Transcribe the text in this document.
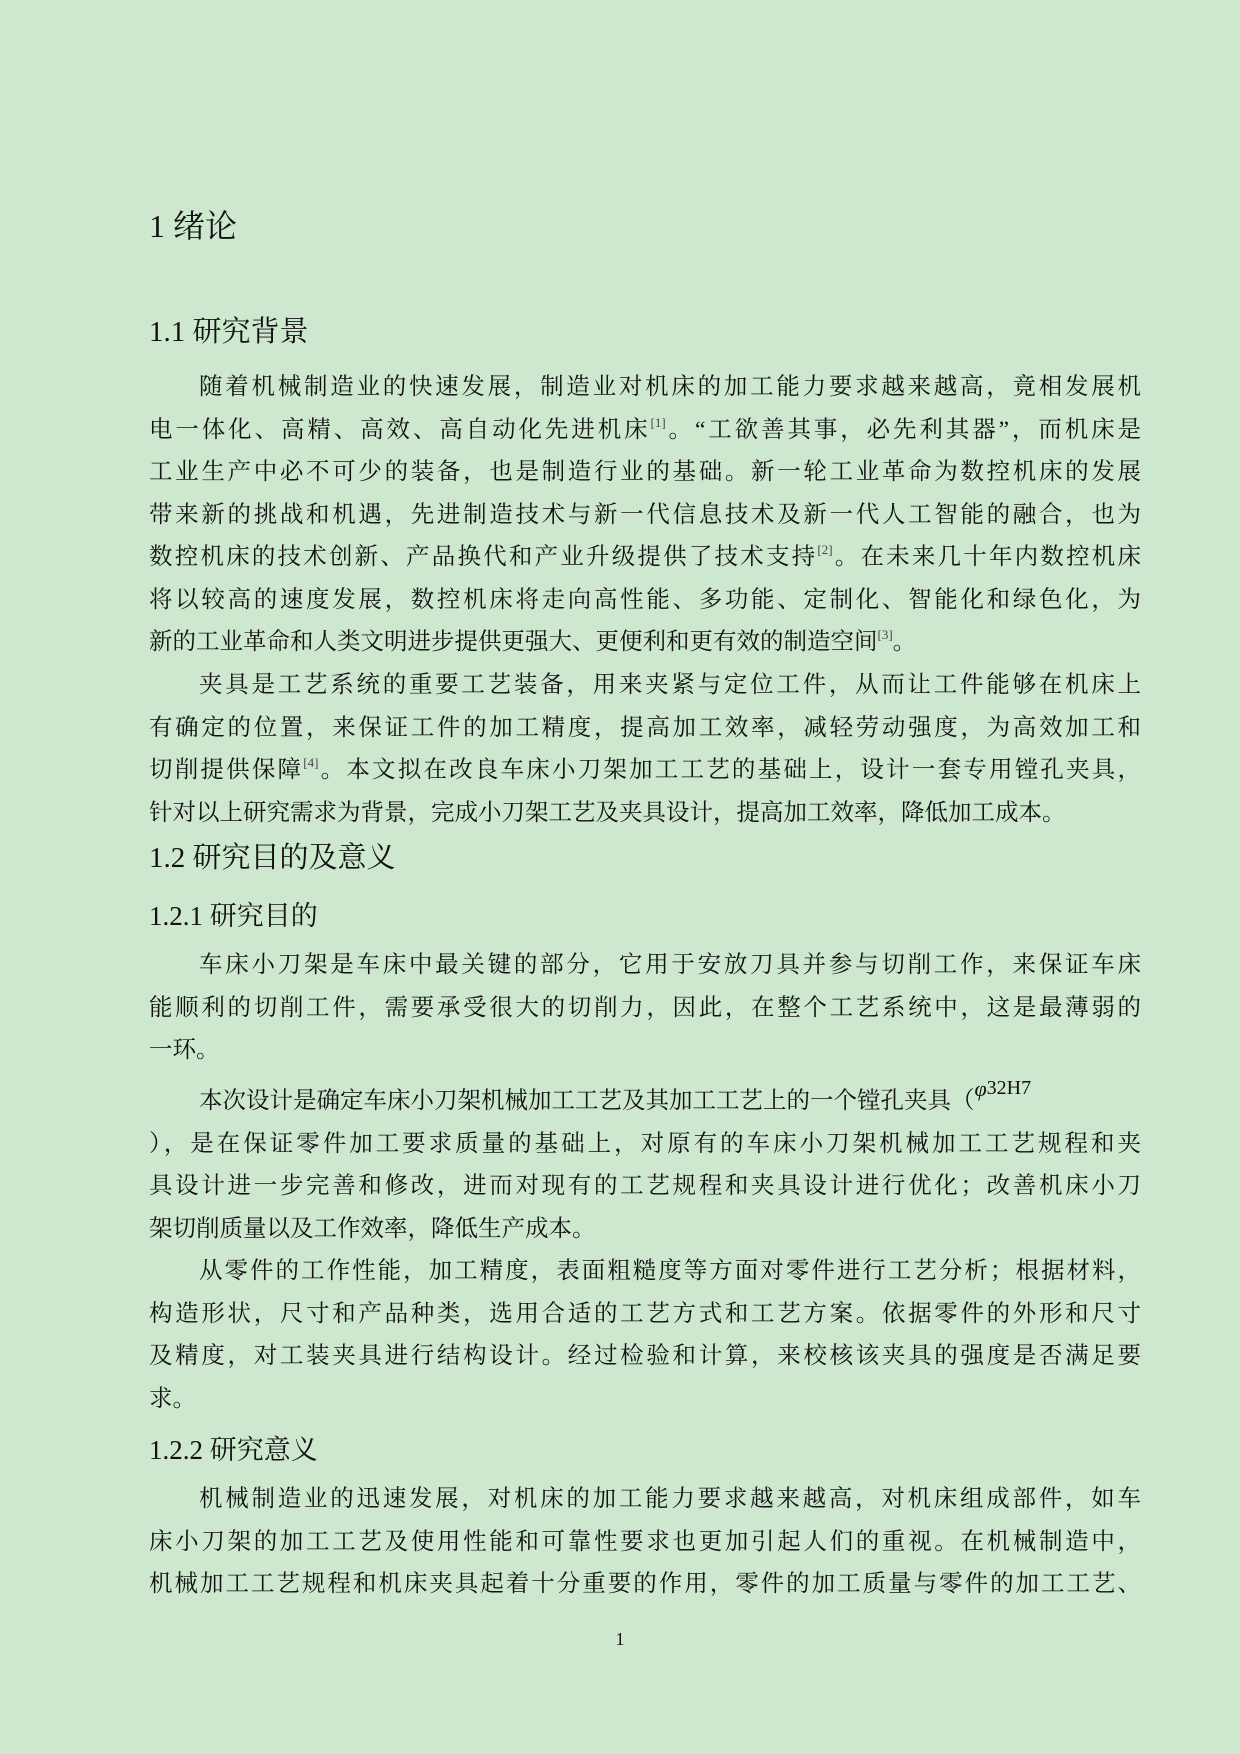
1 绪论
1.1 研究背景
随着机械制造业的快速发展，制造业对机床的加工能力要求越来越高，竟相发展机
电一体化、高精、高效、高自动化先进机床[1]。“工欲善其事，必先利其器”，而机床是
工业生产中必不可少的装备，也是制造行业的基础。新一轮工业革命为数控机床的发展
带来新的挑战和机遇，先进制造技术与新一代信息技术及新一代人工智能的融合，也为
数控机床的技术创新、产品换代和产业升级提供了技术支持[2]。在未来几十年内数控机床
将以较高的速度发展，数控机床将走向高性能、多功能、定制化、智能化和绿色化，为
新的工业革命和人类文明进步提供更强大、更便利和更有效的制造空间[3]。
夹具是工艺系统的重要工艺装备，用来夹紧与定位工件，从而让工件能够在机床上
有确定的位置，来保证工件的加工精度，提高加工效率，减轻劳动强度，为高效加工和
切削提供保障[4]。本文拟在改良车床小刀架加工工艺的基础上，设计一套专用镗孔夹具，
针对以上研究需求为背景，完成小刀架工艺及夹具设计，提高加工效率，降低加工成本。
1.2 研究目的及意义
1.2.1 研究目的
车床小刀架是车床中最关键的部分，它用于安放刀具并参与切削工作，来保证车床
能顺利的切削工件，需要承受很大的切削力，因此，在整个工艺系统中，这是最薄弱的
一环。
本次设计是确定车床小刀架机械加工工艺及其加工工艺上的一个镗孔夹具（φ32H7
），是在保证零件加工要求质量的基础上，对原有的车床小刀架机械加工工艺规程和夹
具设计进一步完善和修改，进而对现有的工艺规程和夹具设计进行优化；改善机床小刀
架切削质量以及工作效率，降低生产成本。
从零件的工作性能，加工精度，表面粗糙度等方面对零件进行工艺分析；根据材料，
构造形状，尺寸和产品种类，选用合适的工艺方式和工艺方案。依据零件的外形和尺寸
及精度，对工装夹具进行结构设计。经过检验和计算，来校核该夹具的强度是否满足要
求。
1.2.2 研究意义
机械制造业的迅速发展，对机床的加工能力要求越来越高，对机床组成部件，如车
床小刀架的加工工艺及使用性能和可靠性要求也更加引起人们的重视。在机械制造中，
机械加工工艺规程和机床夹具起着十分重要的作用，零件的加工质量与零件的加工工艺、
1
